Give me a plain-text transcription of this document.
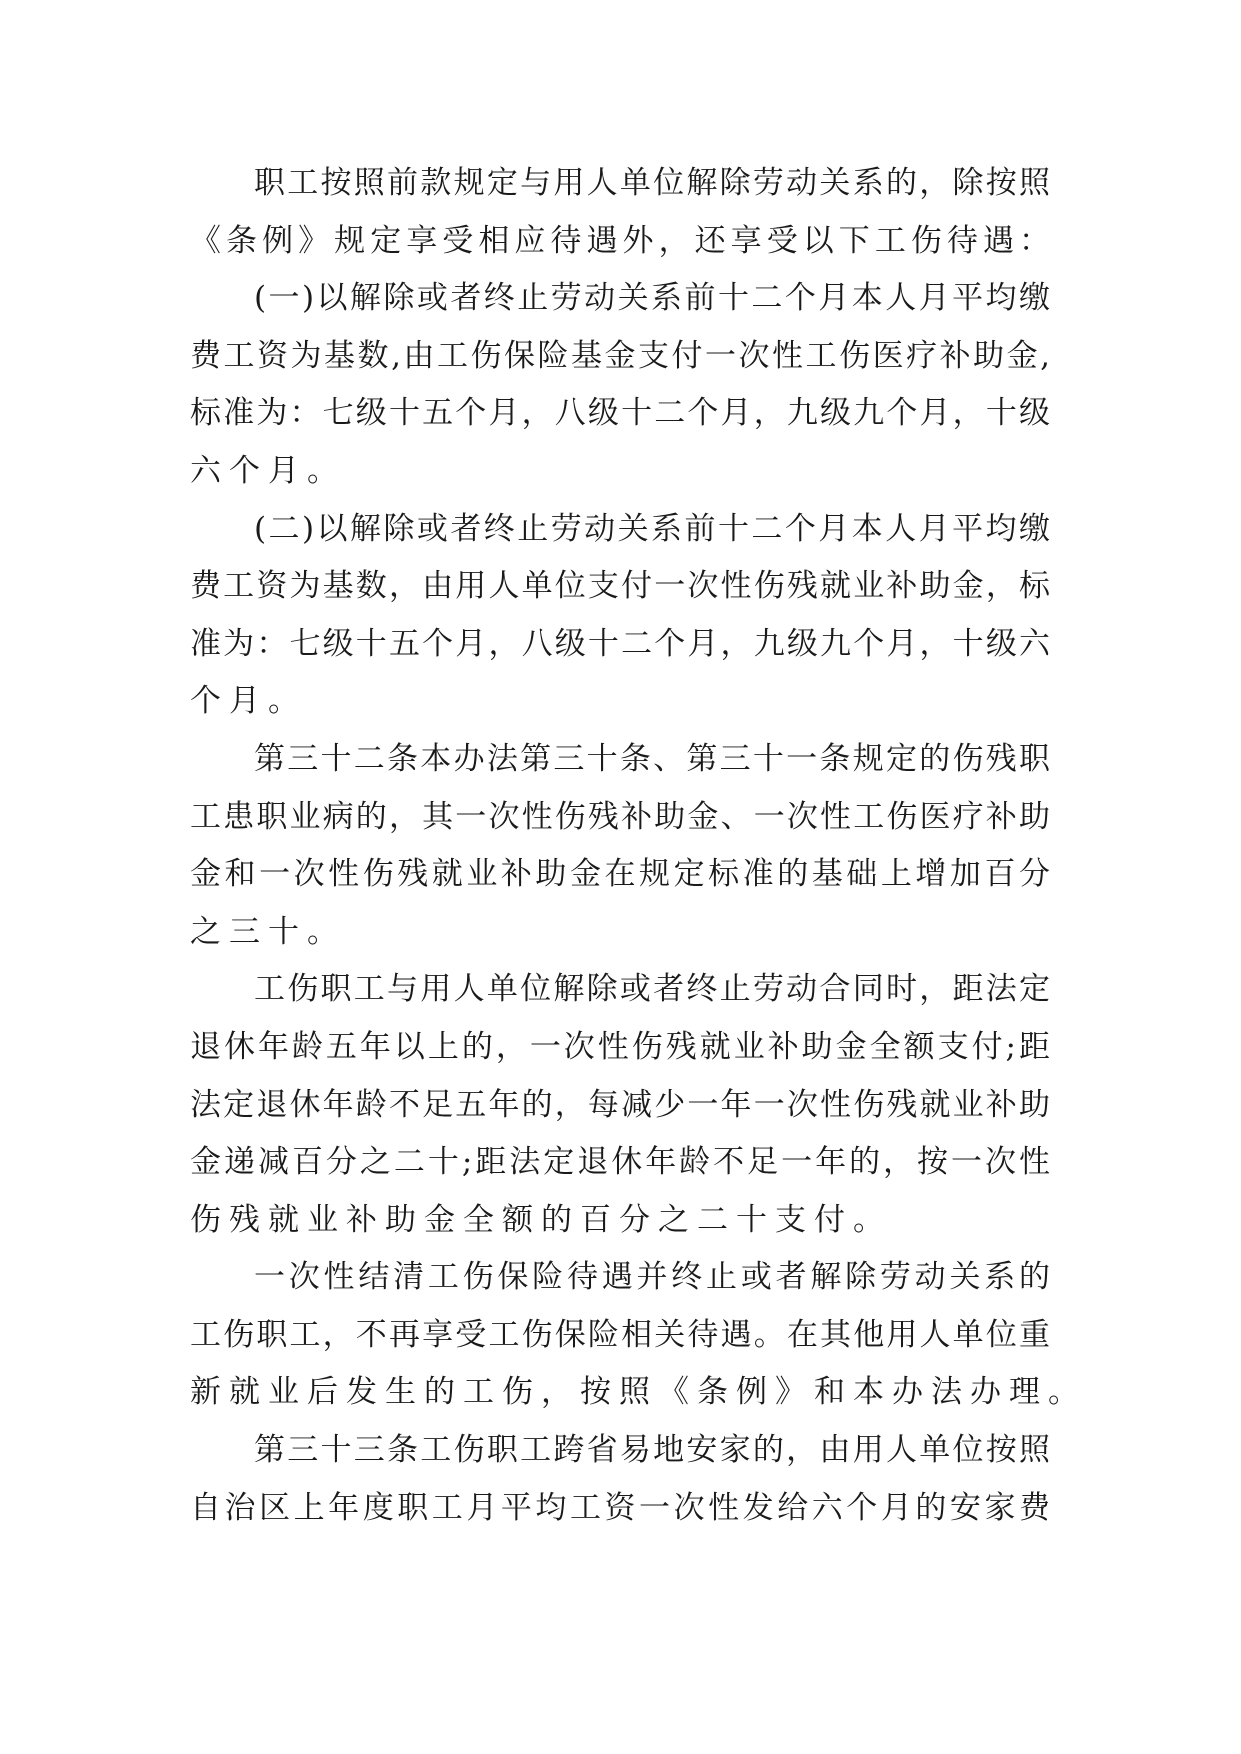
职工按照前款规定与用人单位解除劳动关系的，除按照
《条例》规定享受相应待遇外，还享受以下工伤待遇：
(一)以解除或者终止劳动关系前十二个月本人月平均缴
费工资为基数,由工伤保险基金支付一次性工伤医疗补助金,
标准为：七级十五个月，八级十二个月，九级九个月，十级
六个月。
(二)以解除或者终止劳动关系前十二个月本人月平均缴
费工资为基数，由用人单位支付一次性伤残就业补助金，标
准为：七级十五个月，八级十二个月，九级九个月，十级六
个月。
第三十二条本办法第三十条、第三十一条规定的伤残职
工患职业病的，其一次性伤残补助金、一次性工伤医疗补助
金和一次性伤残就业补助金在规定标准的基础上增加百分
之三十。
工伤职工与用人单位解除或者终止劳动合同时，距法定
退休年龄五年以上的，一次性伤残就业补助金全额支付;距
法定退休年龄不足五年的，每减少一年一次性伤残就业补助
金递减百分之二十;距法定退休年龄不足一年的，按一次性
伤残就业补助金全额的百分之二十支付。
一次性结清工伤保险待遇并终止或者解除劳动关系的
工伤职工，不再享受工伤保险相关待遇。在其他用人单位重
新就业后发生的工伤，按照《条例》和本办法办理。
第三十三条工伤职工跨省易地安家的，由用人单位按照
自治区上年度职工月平均工资一次性发给六个月的安家费
